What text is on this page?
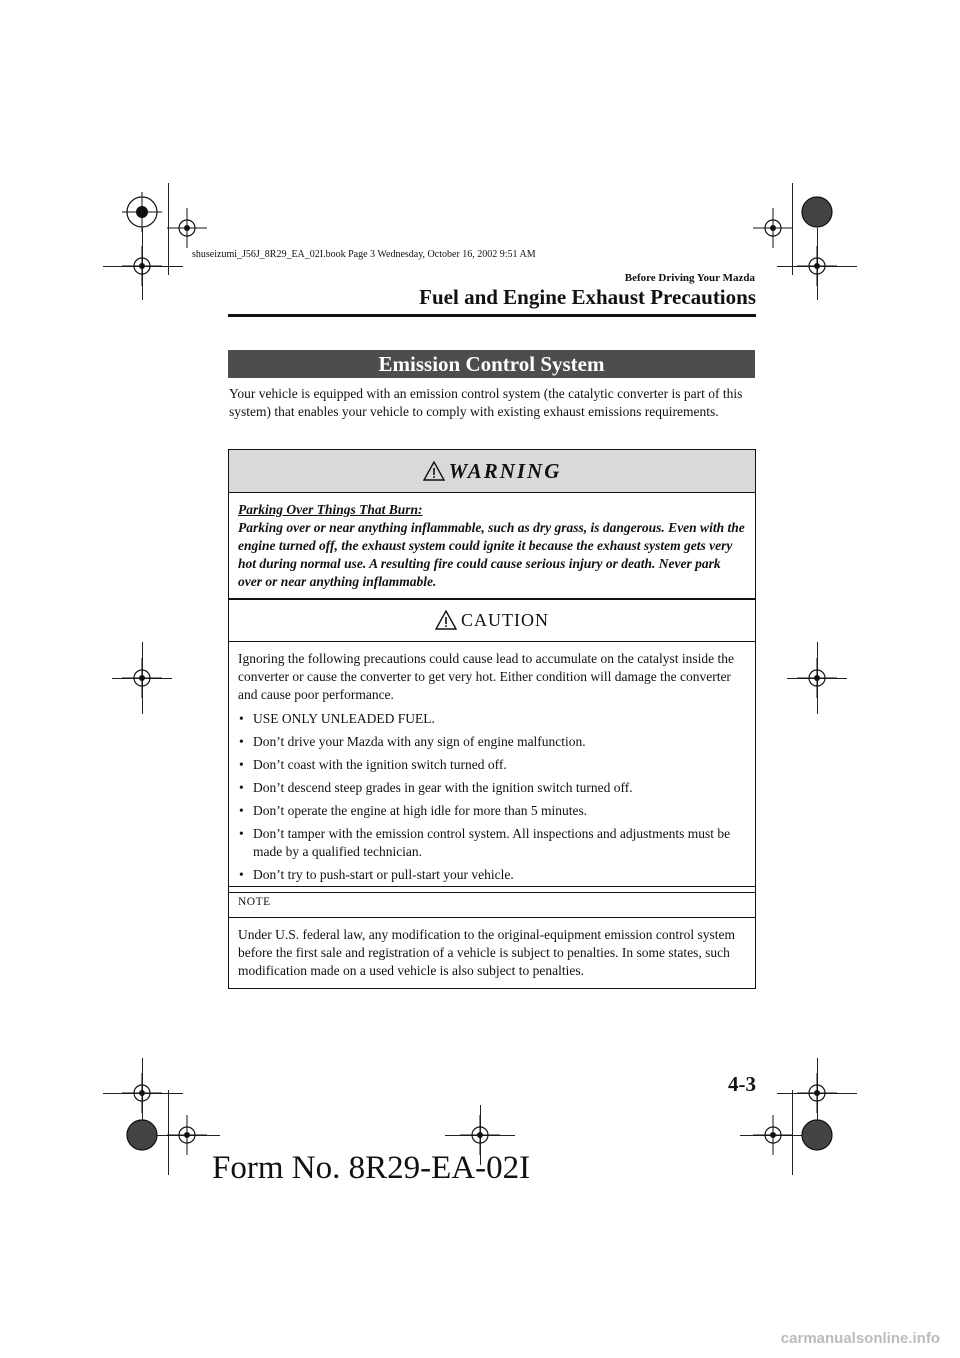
shuseizumi_J56J_8R29_EA_02I.book Page 3 Wednesday, October 16, 2002 9:51 AM
Before Driving Your Mazda
Fuel and Engine Exhaust Precautions
Emission Control System
Your vehicle is equipped with an emission control system (the catalytic converter is part of this system) that enables your vehicle to comply with existing exhaust emissions requirements.
WARNING
Parking Over Things That Burn:
Parking over or near anything inflammable, such as dry grass, is dangerous. Even with the engine turned off, the exhaust system could ignite it because the exhaust system gets very hot during normal use. A resulting fire could cause serious injury or death. Never park over or near anything inflammable.
CAUTION
Ignoring the following precautions could cause lead to accumulate on the catalyst inside the converter or cause the converter to get very hot. Either condition will damage the converter and cause poor performance.
• USE ONLY UNLEADED FUEL.
• Don’t drive your Mazda with any sign of engine malfunction.
• Don’t coast with the ignition switch turned off.
• Don’t descend steep grades in gear with the ignition switch turned off.
• Don’t operate the engine at high idle for more than 5 minutes.
• Don’t tamper with the emission control system. All inspections and adjustments must be made by a qualified technician.
• Don’t try to push-start or pull-start your vehicle.
NOTE
Under U.S. federal law, any modification to the original-equipment emission control system before the first sale and registration of a vehicle is subject to penalties. In some states, such modification made on a used vehicle is also subject to penalties.
4-3
Form No. 8R29-EA-02I
carmanualsonline.info
